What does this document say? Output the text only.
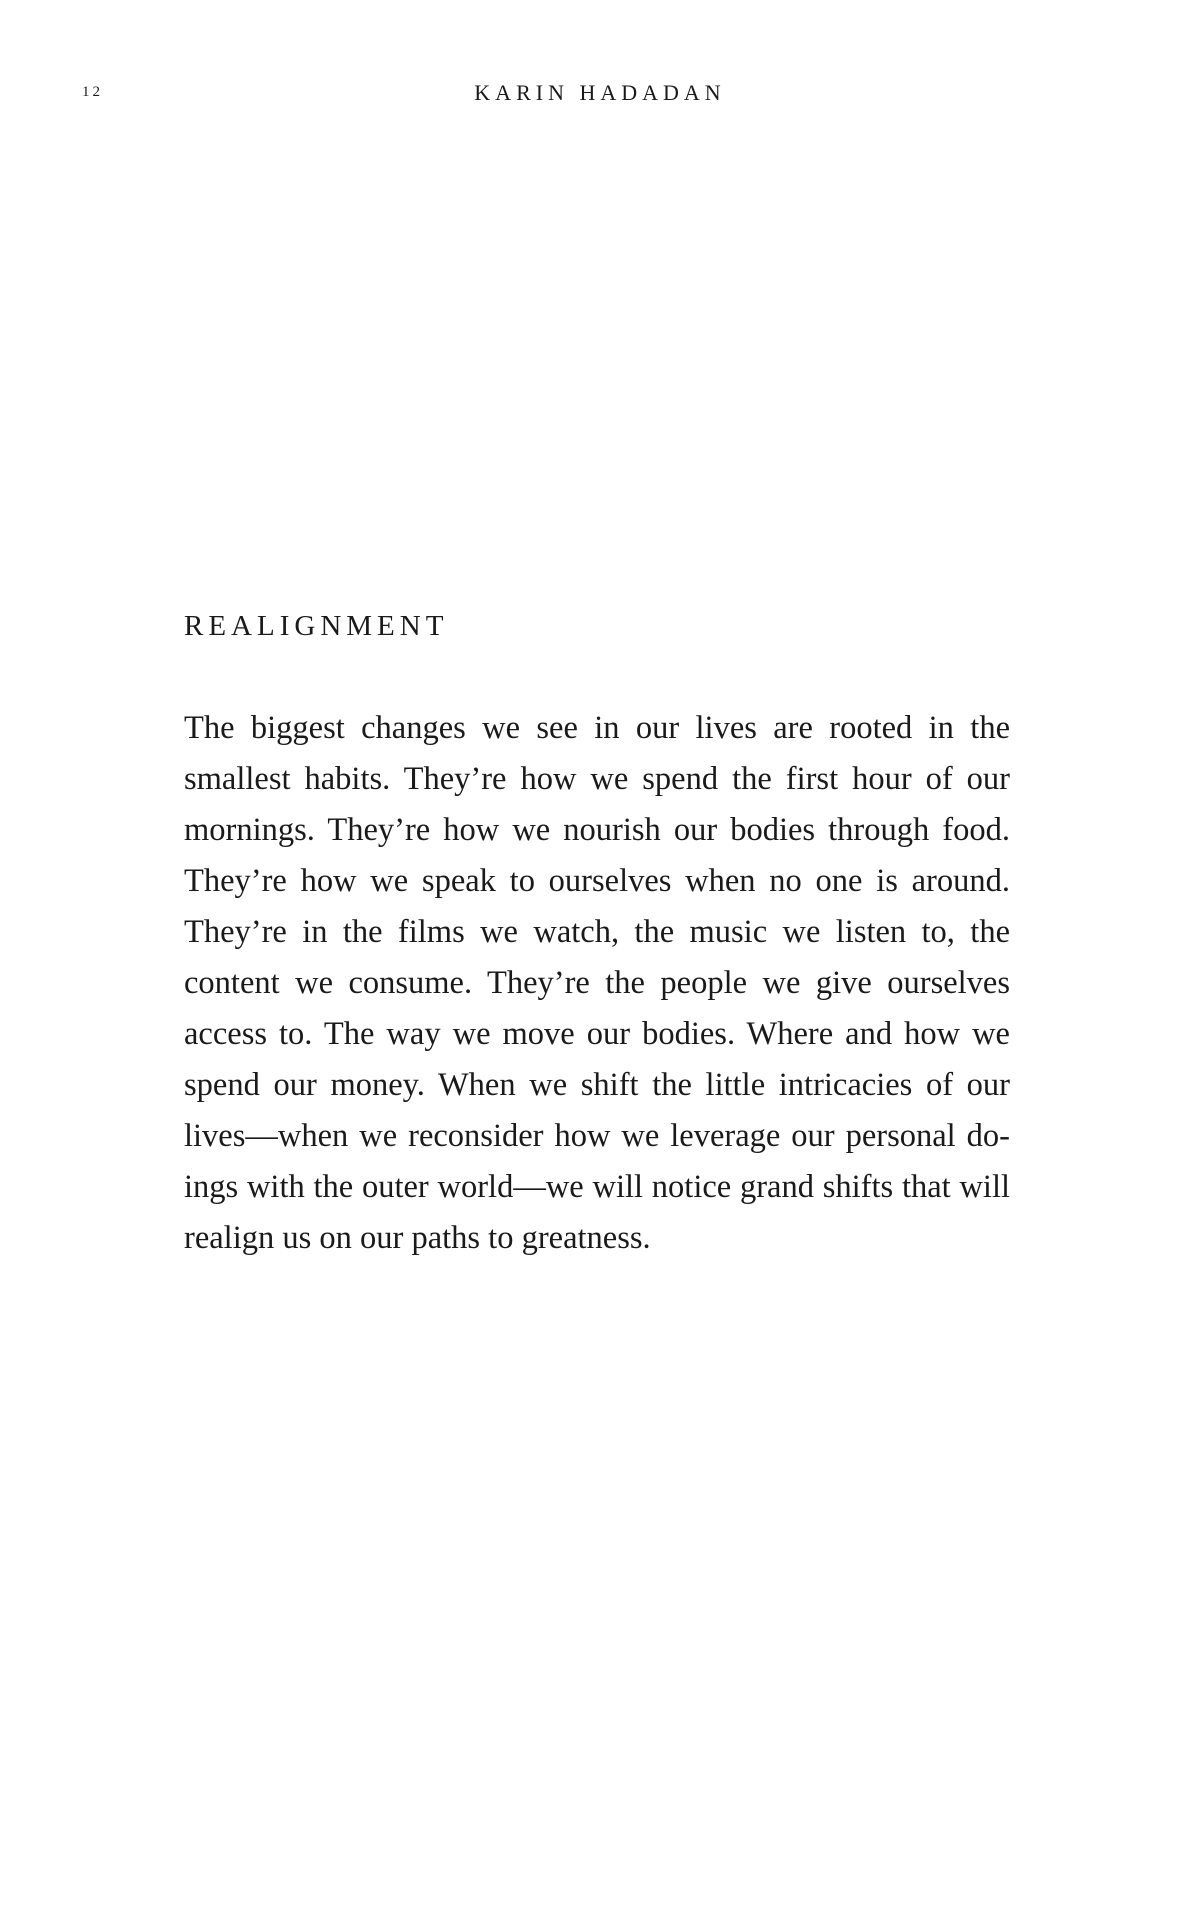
12	KARIN HADADAN
REALIGNMENT

The biggest changes we see in our lives are rooted in the smallest habits. They’re how we spend the first hour of our mornings. They’re how we nourish our bodies through food. They’re how we speak to ourselves when no one is around. They’re in the films we watch, the music we listen to, the content we consume. They’re the people we give ourselves access to. The way we move our bodies. Where and how we spend our money. When we shift the little intricacies of our lives—when we reconsider how we leverage our personal doings with the outer world—we will notice grand shifts that will realign us on our paths to greatness.
